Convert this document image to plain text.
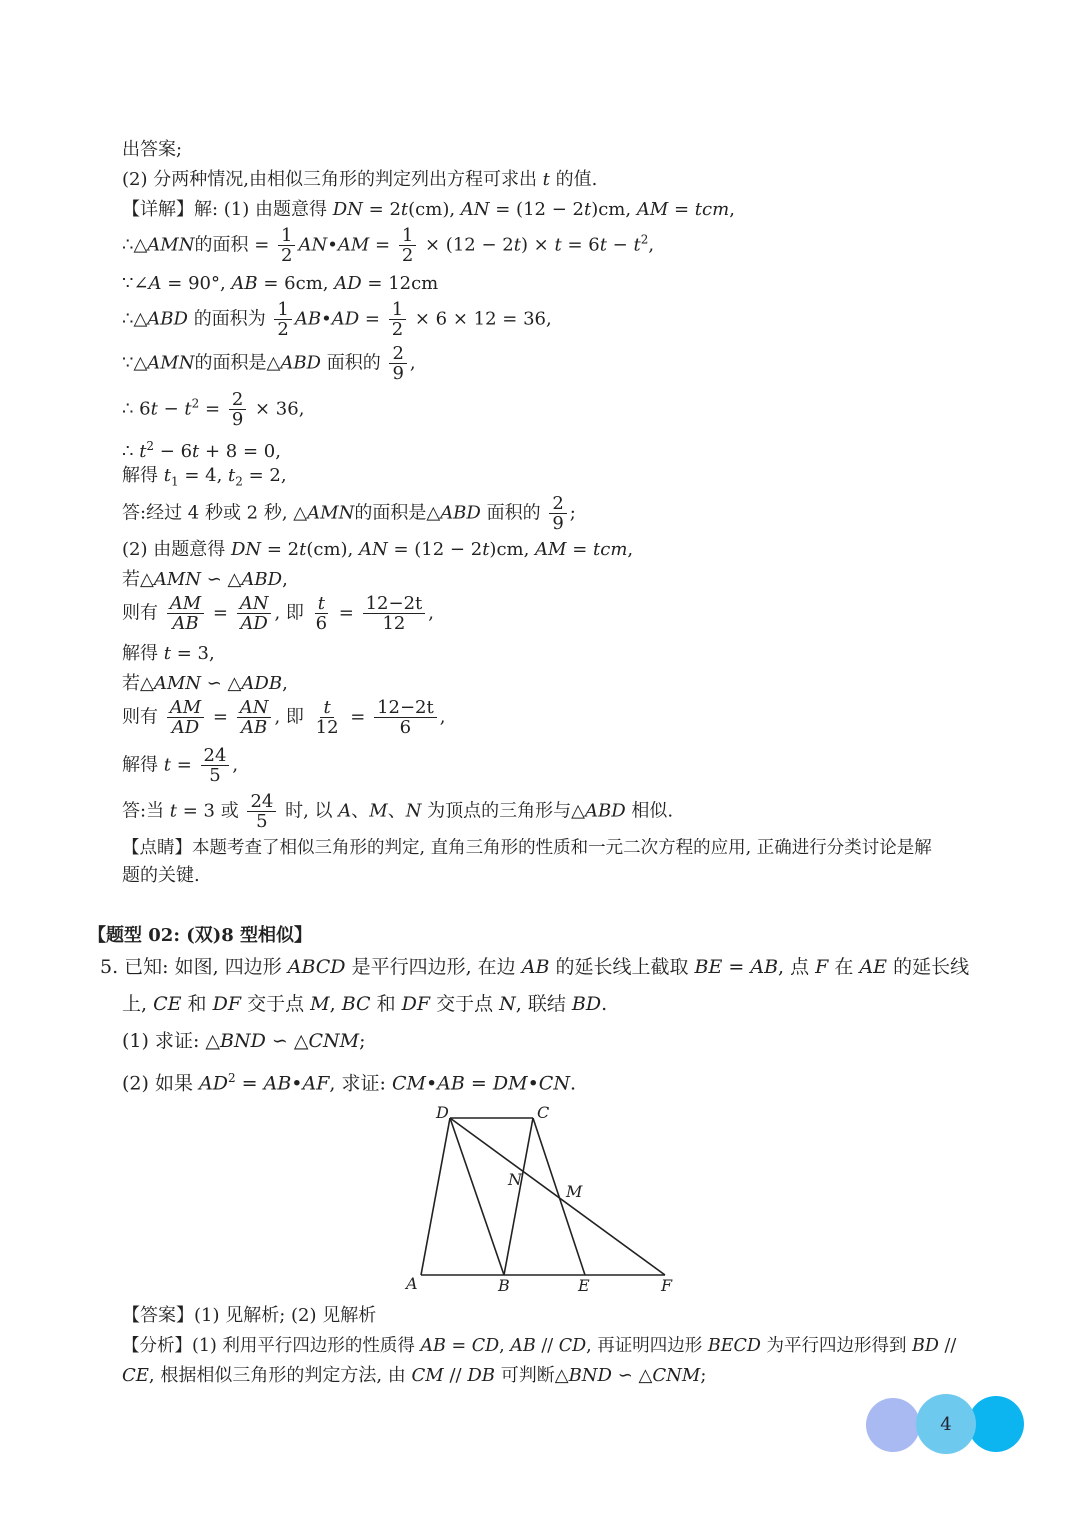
出答案;
(2) 分两种情况,由相似三角形的判定列出方程可求出 t 的值.
【详解】解: (1) 由题意得 DN = 2t(cm), AN = (12 − 2t)cm, AM = tcm,
∴△AMN的面积 = $\frac{1}{2}$ AN•AM = $\frac{1}{2} \times (12 - 2t) \times t = 6t - t^2$,
∵∠A = 90°, AB = 6cm, AD = 12cm
∴△ABD 的面积为 $\frac{1}{2}$ AB•AD = $\frac{1}{2} \times 6 \times 12 = 36$,
∵△AMN的面积是△ABD 面积的 $\frac{2}{9}$ ,
∴ $6t - t^2 = \frac{2}{9} \times 36$,
∴ $t^2 - 6t + 8 = 0$,
解得 $t_1 = 4$, $t_2 = 2$,
答:经过 4 秒或 2 秒, △AMN的面积是△ABD 面积的 $\frac{2}{9}$ ;
(2) 由题意得 DN = 2t(cm), AN = (12 − 2t)cm, AM = tcm,
若△AMN ∽ △ABD,
则有 $\frac{AM}{AB} = \frac{AN}{AD}$ , 即 $\frac{t}{6} = \frac{12-2t}{12}$ ,
解得 t = 3,
若△AMN ∽ △ADB,
则有 $\frac{AM}{AD} = \frac{AN}{AB}$ , 即 $\frac{t}{12} = \frac{12-2t}{6}$ ,
解得 $t = \frac{24}{5}$ ,
答:当 t = 3 或 $\frac{24}{5}$ 时, 以 A、M、N 为顶点的三角形与△ABD 相似.
【点睛】本题考查了相似三角形的判定, 直角三角形的性质和一元二次方程的应用, 正确进行分类讨论是解
题的关键.
【题型 02: (双)8 型相似】
5. 已知: 如图, 四边形 ABCD 是平行四边形, 在边 AB 的延长线上截取 BE = AB, 点 F 在 AE 的延长线
上, CE 和 DF 交于点 M, BC 和 DF 交于点 N, 联结 BD.
(1) 求证: △BND ∽ △CNM;
(2) 如果 $AD^2$ = AB•AF, 求证: CM•AB = DM•CN.
D	C
A	B	E	F
N
M
【答案】(1) 见解析; (2) 见解析
【分析】(1) 利用平行四边形的性质得 AB = CD, AB // CD, 再证明四边形 BECD 为平行四边形得到 BD //
CE, 根据相似三角形的判定方法, 由 CM // DB 可判断△BND ∽ △CNM;
4
